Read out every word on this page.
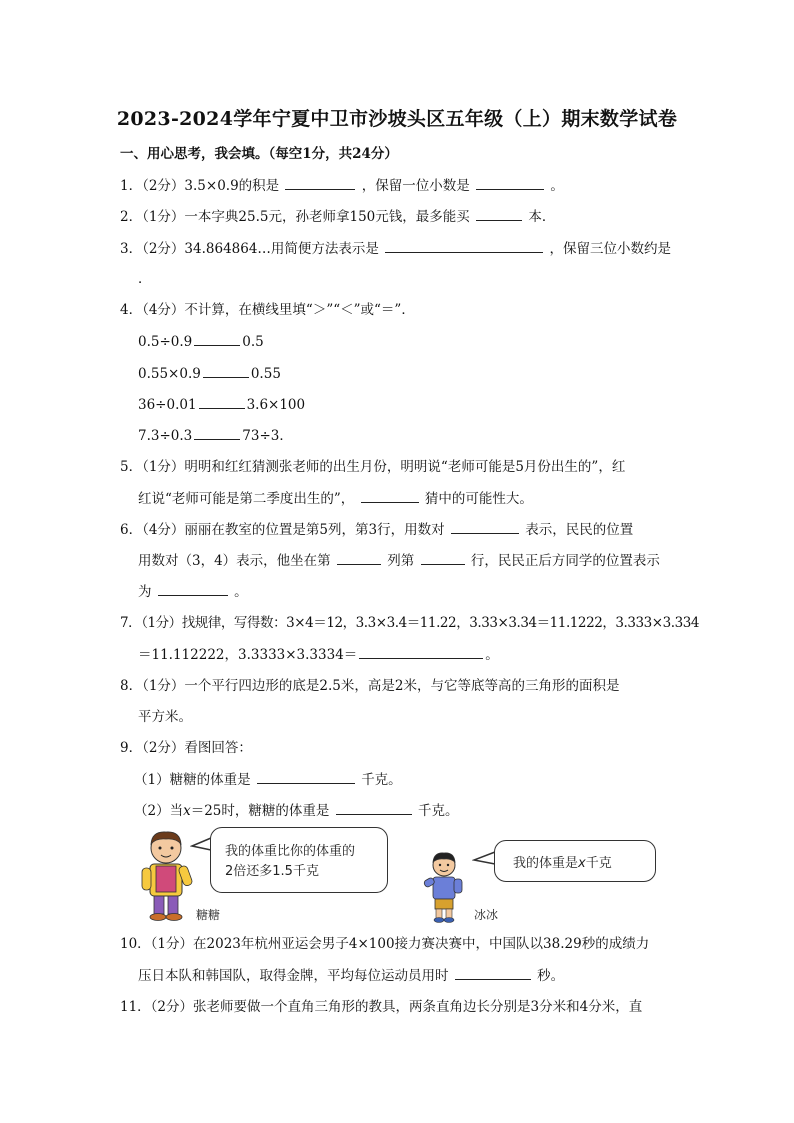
2023-2024学年宁夏中卫市沙坡头区五年级（上）期末数学试卷
一、用心思考，我会填。（每空1分，共24分）
1．（2分）3.5×0.9的积是	，保留一位小数是	。
2．（1分）一本字典25.5元，孙老师拿150元钱，最多能买	本．
3．（2分）34.864864…用简便方法表示是	，保留三位小数约是
．
4．（4分）不计算，在横线里填“＞”“＜”或“＝”．
0.5÷0.9	0.5
0.55×0.9	0.55
36÷0.01	3.6×100
7.3÷0.3	73÷3．
5．（1分）明明和红红猜测张老师的出生月份，明明说“老师可能是5月份出生的”，红
红说“老师可能是第二季度出生的”，	猜中的可能性大。
6．（4分）丽丽在教室的位置是第5列，第3行，用数对	表示，民民的位置
用数对（3，4）表示，他坐在第	列第	行，民民正后方同学的位置表示
为	。
7．（1分）找规律，写得数：3×4＝12，3.3×3.4＝11.22，3.33×3.34＝11.1222，3.333×3.334
＝11.112222，3.3333×3.3334＝	。
8．（1分）一个平行四边形的底是2.5米，高是2米，与它等底等高的三角形的面积是
平方米。
9．（2分）看图回答：
（1）糖糖的体重是	千克。
（2）当x＝25时，糖糖的体重是	千克。
糖糖
我的体重比你的体重的
2倍还多1.5千克
冰冰
我的体重是x千克
10．（1分）在2023年杭州亚运会男子4×100接力赛决赛中，中国队以38.29秒的成绩力
压日本队和韩国队，取得金牌，平均每位运动员用时	秒。
11．（2分）张老师要做一个直角三角形的教具，两条直角边长分别是3分米和4分米，直
